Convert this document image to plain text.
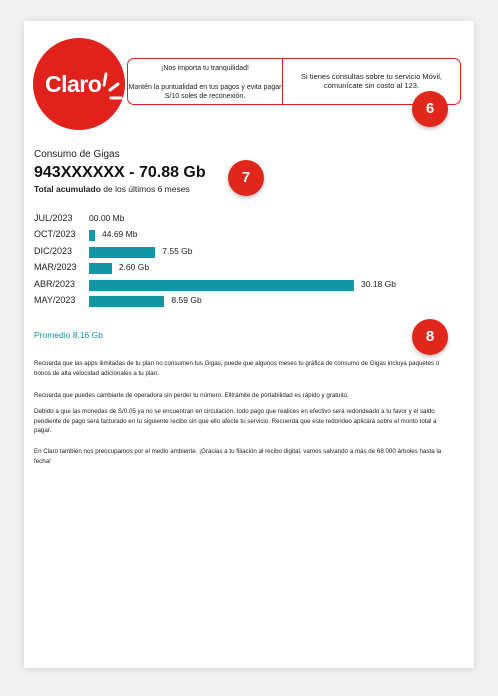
Claro
¡Nos importa tu tranquilidad!
Mantén la puntualidad en tus pagos y evita pagar S/10 soles de reconexión.
Si tienes consultas sobre tu servicio Móvil, comunícate sin costo al 123.
6
7
8
Consumo de Gigas
943XXXXXX - 70.88 Gb
Total acumulado de los últimos 6 meses
JUL/2023 00.00 Mb
OCT/2023	44.69 Mb
DIC/2023	7.55 Gb
MAR/2023	2.60 Gb
ABR/2023	30.18 Gb
MAY/2023	8.59 Gb
Promedio 8.16 Gb
Recuerda que las apps ilimitadas de tu plan no consumen tus Gigas, puede que algunos meses tu gráfica de consumo de Gigas incluya paquetes o bonos de alta velocidad adicionales a tu plan.
Recuerda que puedes cambiarte de operadora sin perder tu número. Elltrámite de portabilidad es rápido y gratuito.
Debido a que las monedas de S/0.05 ya no se encuentran en circulación, todo pago que realices en efectivo será redondeado a tu favor y el saldo pendiente de pago será facturado en tu siguiente recibo sin que ello afecte tu servicio. Recuerda que este redondeo aplicará sobre el monto total a pagar.
En Claro también nos preocupamos por el medio ambiente. ¡Gracias a tu filiación al recibo digital, vamos salvando a más de 68 000 árboles hasta la fecha!
